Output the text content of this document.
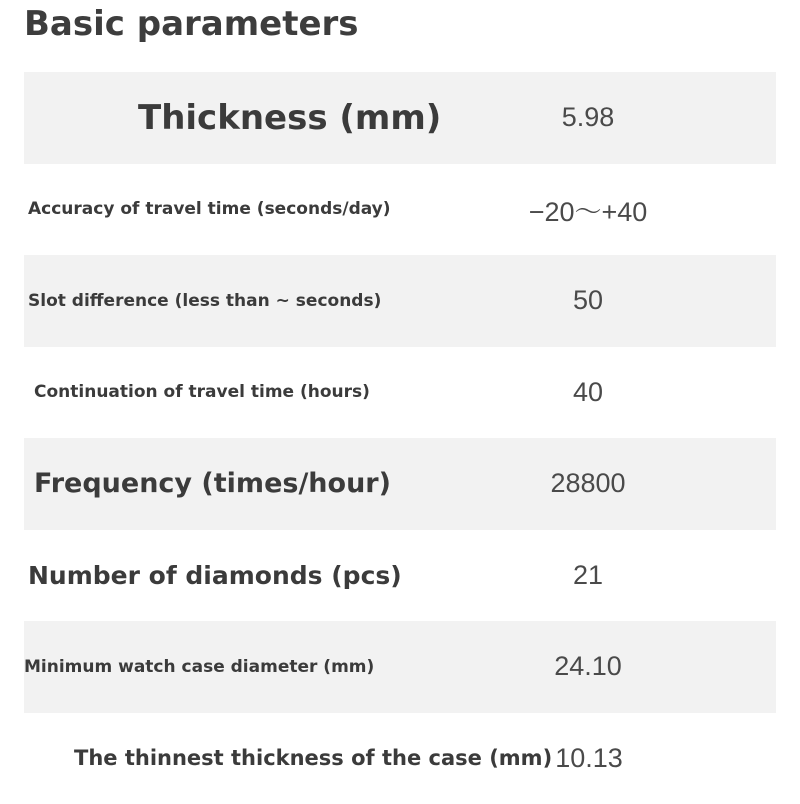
Basic parameters
Thickness (mm)	5.98
Accuracy of travel time (seconds/day)	−20～+40
Slot difference (less than ~ seconds)	50
Continuation of travel time (hours)	40
Frequency (times/hour)	28800
Number of diamonds (pcs)	21
Minimum watch case diameter (mm)	24.10
The thinnest thickness of the case (mm) 10.13
